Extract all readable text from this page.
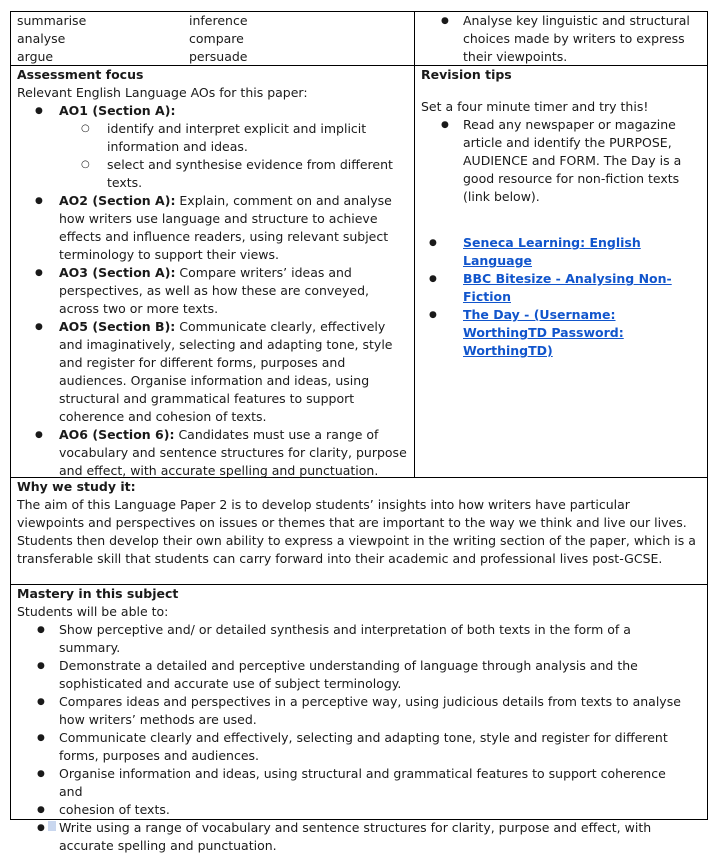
summarise	inference
analyse	compare
argue	persuade
● Analyse key linguistic and structural choices made by writers to express their viewpoints.
Assessment focus
Relevant English Language AOs for this paper:
● AO1 (Section A):
○ identify and interpret explicit and implicit information and ideas.
○ select and synthesise evidence from different texts.
● AO2 (Section A): Explain, comment on and analyse how writers use language and structure to achieve effects and influence readers, using relevant subject terminology to support their views.
● AO3 (Section A): Compare writers’ ideas and perspectives, as well as how these are conveyed, across two or more texts.
● AO5 (Section B): Communicate clearly, effectively and imaginatively, selecting and adapting tone, style and register for different forms, purposes and audiences. Organise information and ideas, using structural and grammatical features to support coherence and cohesion of texts.
● AO6 (Section 6): Candidates must use a range of vocabulary and sentence structures for clarity, purpose and effect, with accurate spelling and punctuation.
Revision tips
Set a four minute timer and try this!
● Read any newspaper or magazine article and identify the PURPOSE, AUDIENCE and FORM. The Day is a good resource for non-fiction texts (link below).
● Seneca Learning: English Language
● BBC Bitesize - Analysing Non-Fiction
● The Day - (Username: WorthingTD Password: WorthingTD)
Why we study it:
The aim of this Language Paper 2 is to develop students’ insights into how writers have particular viewpoints and perspectives on issues or themes that are important to the way we think and live our lives. Students then develop their own ability to express a viewpoint in the writing section of the paper, which is a transferable skill that students can carry forward into their academic and professional lives post-GCSE.
Mastery in this subject
Students will be able to:
● Show perceptive and/ or detailed synthesis and interpretation of both texts in the form of a summary.
● Demonstrate a detailed and perceptive understanding of language through analysis and the sophisticated and accurate use of subject terminology.
● Compares ideas and perspectives in a perceptive way, using judicious details from texts to analyse how writers’ methods are used.
● Communicate clearly and effectively, selecting and adapting tone, style and register for different forms, purposes and audiences.
● Organise information and ideas, using structural and grammatical features to support coherence and
● cohesion of texts.
● Write using a range of vocabulary and sentence structures for clarity, purpose and effect, with accurate spelling and punctuation.
